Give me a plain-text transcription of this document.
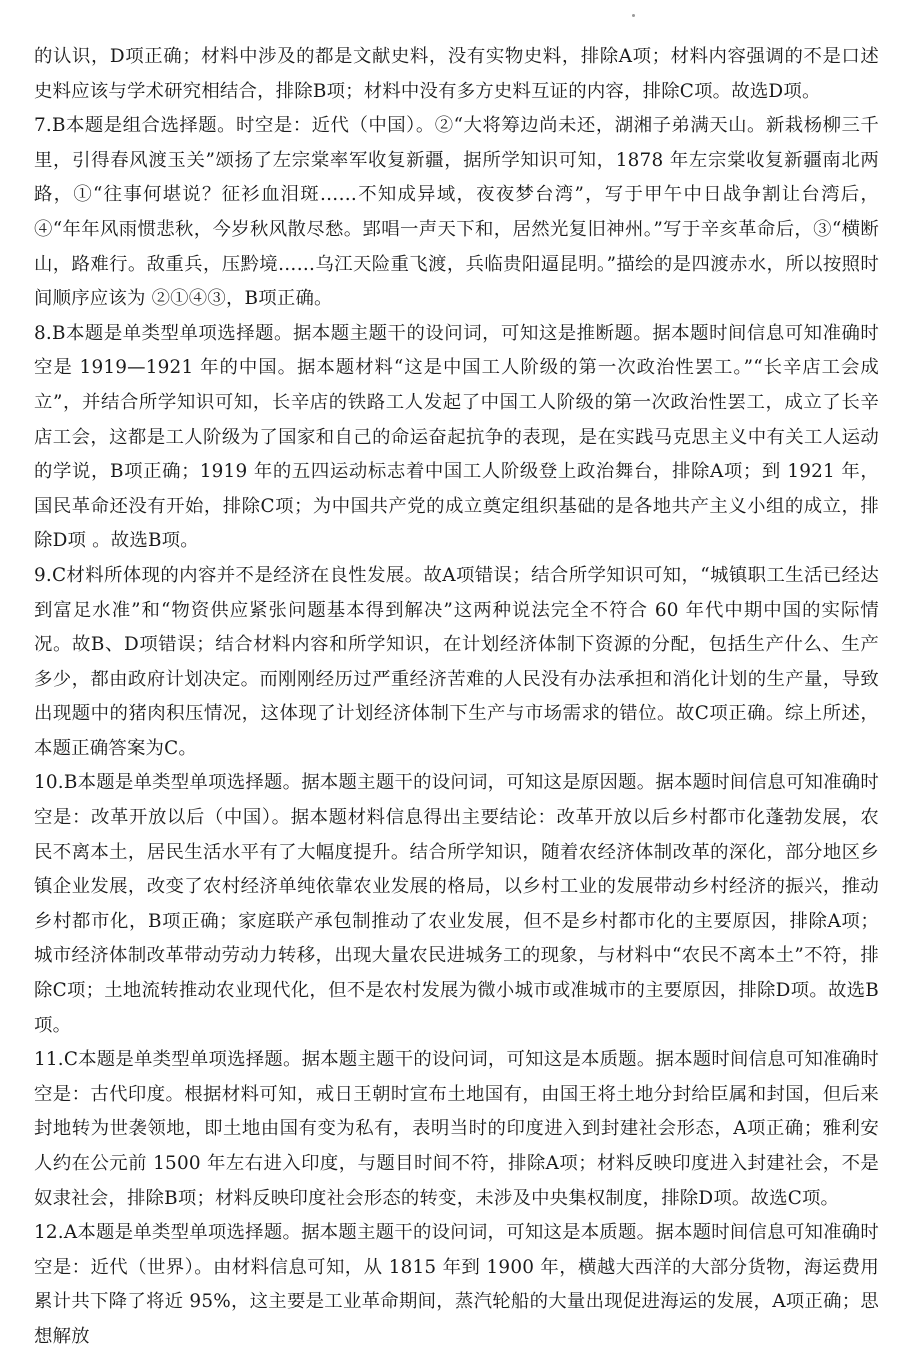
的认识，D项正确；材料中涉及的都是文献史料，没有实物史料，排除A项；材料内容强调的不是口述史料应该与学术研究相结合，排除B项；材料中没有多方史料互证的内容，排除C项。故选D项。

7.B本题是组合选择题。时空是：近代（中国）。②“大将筹边尚未还，湖湘子弟满天山。新栽杨柳三千里，引得春风渡玉关”颂扬了左宗棠率军收复新疆，据所学知识可知，1878 年左宗棠收复新疆南北两路，①“往事何堪说？征衫血泪斑……不知成异域，夜夜梦台湾”，写于甲午中日战争割让台湾后，④“年年风雨惯悲秋，今岁秋风散尽愁。郢唱一声天下和，居然光复旧神州。”写于辛亥革命后，③“横断山，路难行。敌重兵，压黔境……乌江天险重飞渡，兵临贵阳逼昆明。”描绘的是四渡赤水，所以按照时间顺序应该为 ②①④③，B项正确。

8.B本题是单类型单项选择题。据本题主题干的设问词，可知这是推断题。据本题时间信息可知准确时空是 1919—1921 年的中国。据本题材料“这是中国工人阶级的第一次政治性罢工。”“长辛店工会成立”，并结合所学知识可知，长辛店的铁路工人发起了中国工人阶级的第一次政治性罢工，成立了长辛店工会，这都是工人阶级为了国家和自己的命运奋起抗争的表现，是在实践马克思主义中有关工人运动的学说，B项正确；1919 年的五四运动标志着中国工人阶级登上政治舞台，排除A项；到 1921 年，国民革命还没有开始，排除C项；为中国共产党的成立奠定组织基础的是各地共产主义小组的成立，排除D项 。故选B项。

9.C材料所体现的内容并不是经济在良性发展。故A项错误；结合所学知识可知，“城镇职工生活已经达到富足水准”和“物资供应紧张问题基本得到解决”这两种说法完全不符合 60 年代中期中国的实际情况。故B、D项错误；结合材料内容和所学知识，在计划经济体制下资源的分配，包括生产什么、生产多少，都由政府计划决定。而刚刚经历过严重经济苦难的人民没有办法承担和消化计划的生产量，导致出现题中的猪肉积压情况，这体现了计划经济体制下生产与市场需求的错位。故C项正确。综上所述，本题正确答案为C。

10.B本题是单类型单项选择题。据本题主题干的设问词，可知这是原因题。据本题时间信息可知准确时空是：改革开放以后（中国）。据本题材料信息得出主要结论：改革开放以后乡村都市化蓬勃发展，农民不离本土，居民生活水平有了大幅度提升。结合所学知识，随着农经济体制改革的深化，部分地区乡镇企业发展，改变了农村经济单纯依靠农业发展的格局，以乡村工业的发展带动乡村经济的振兴，推动乡村都市化，B项正确；家庭联产承包制推动了农业发展，但不是乡村都市化的主要原因，排除A项；城市经济体制改革带动劳动力转移，出现大量农民进城务工的现象，与材料中“农民不离本土”不符，排除C项；土地流转推动农业现代化，但不是农村发展为微小城市或准城市的主要原因，排除D项。故选B项。

11.C本题是单类型单项选择题。据本题主题干的设问词，可知这是本质题。据本题时间信息可知准确时空是：古代印度。根据材料可知，戒日王朝时宣布土地国有，由国王将土地分封给臣属和封国，但后来封地转为世袭领地，即土地由国有变为私有，表明当时的印度进入到封建社会形态，A项正确；雅利安人约在公元前 1500 年左右进入印度，与题目时间不符，排除A项；材料反映印度进入封建社会，不是奴隶社会，排除B项；材料反映印度社会形态的转变，未涉及中央集权制度，排除D项。故选C项。

12.A本题是单类型单项选择题。据本题主题干的设问词，可知这是本质题。据本题时间信息可知准确时空是：近代（世界）。由材料信息可知，从 1815 年到 1900 年，横越大西洋的大部分货物，海运费用累计共下降了将近 95%，这主要是工业革命期间，蒸汽轮船的大量出现促进海运的发展，A项正确；思想解放
